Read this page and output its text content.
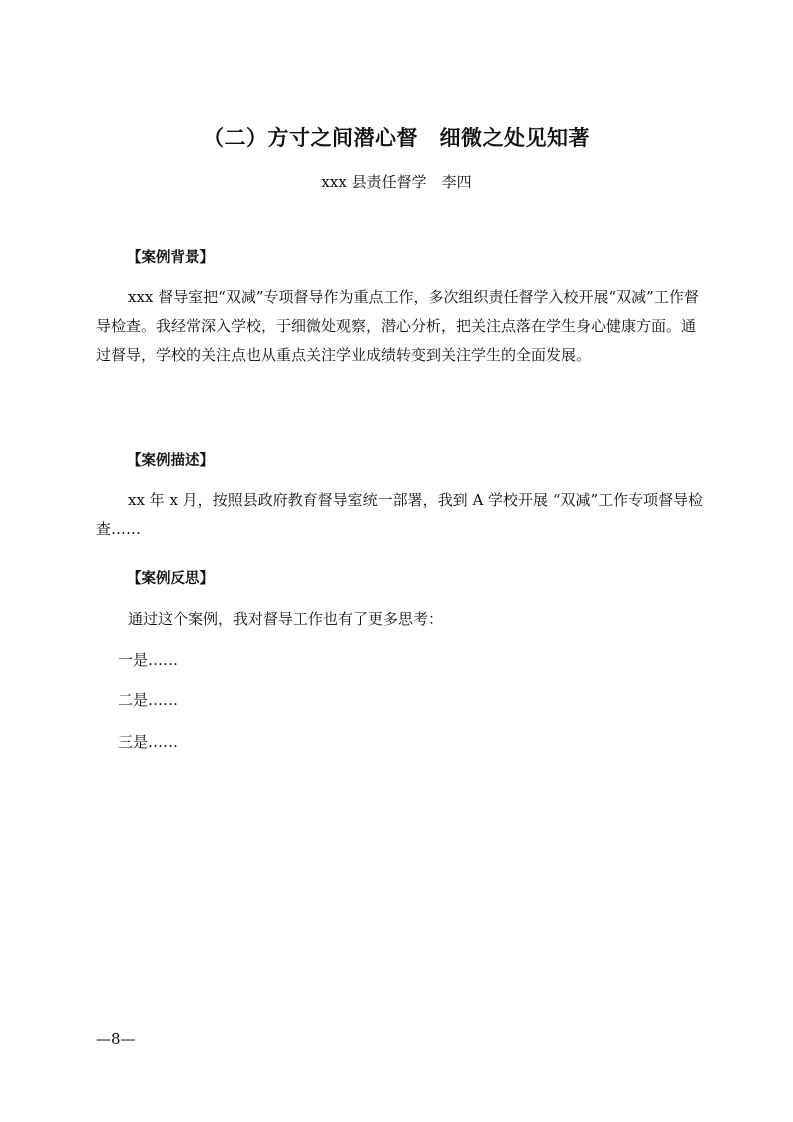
（二）方寸之间潜心督　细微之处见知著
xxx 县责任督学　李四
【案例背景】

xxx 督导室把“双减”专项督导作为重点工作，多次组织责任督学入校开展“双减”工作督导检查。我经常深入学校，于细微处观察，潜心分析，把关注点落在学生身心健康方面。通过督导，学校的关注点也从重点关注学业成绩转变到关注学生的全面发展。

【案例描述】

xx 年 x 月，按照县政府教育督导室统一部署，我到 A 学校开展 “双减”工作专项督导检查……

【案例反思】
通过这个案例，我对督导工作也有了更多思考：
一是……
二是……
三是……
—8—
